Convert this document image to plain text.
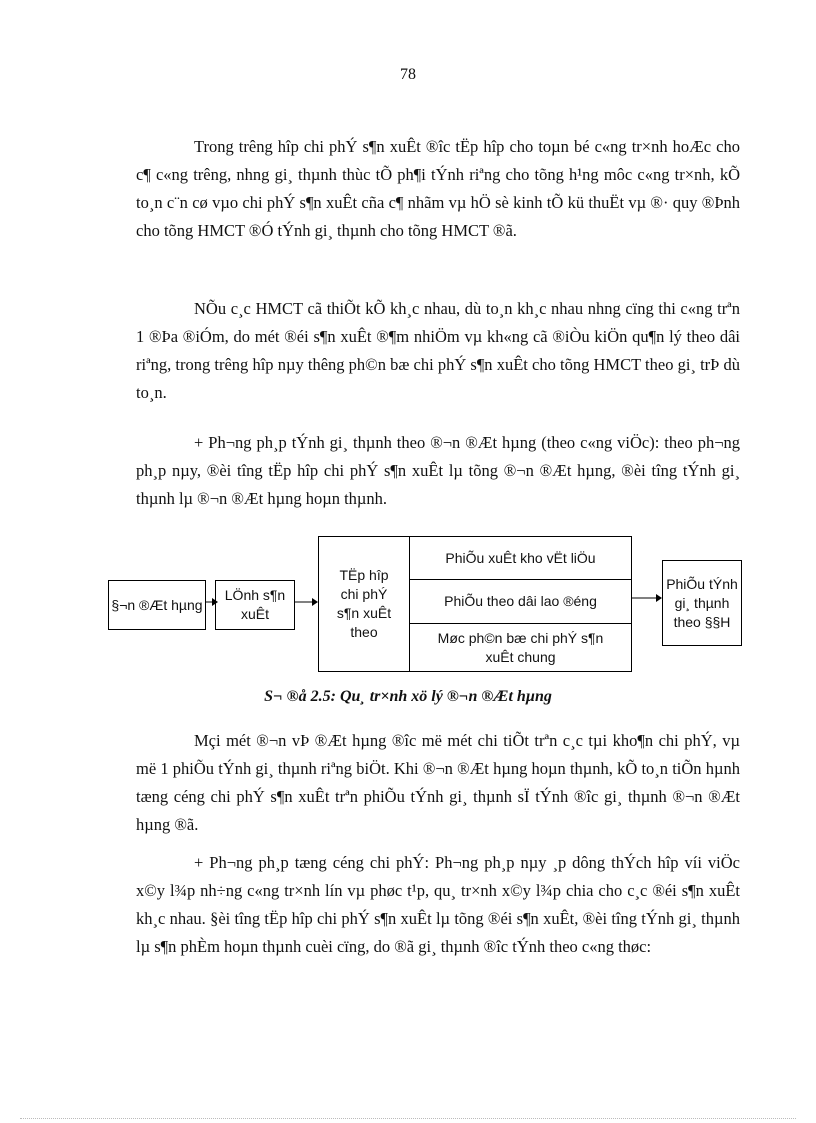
78

Trong trêng hîp chi phÝ s¶n xuÊt ®îc tËp hîp cho toµn bé c«ng tr×nh hoÆc cho c¶ c«ng trêng, nhng gi¸ thµnh thùc tÕ ph¶i tÝnh riªng cho tõng h¹ng môc c«ng tr×nh, kÕ to¸n c¨n cø vµo chi phÝ s¶n xuÊt cña c¶ nhãm vµ hÖ sè kinh tÕ kü thuËt vµ ®· quy ®Þnh cho tõng HMCT ®Ó tÝnh gi¸ thµnh cho tõng HMCT ®ã.

NÕu c¸c HMCT cã thiÕt kÕ kh¸c nhau, dù to¸n kh¸c nhau nhng cïng thi c«ng trªn 1 ®Þa ®iÓm, do mét ®éi s¶n xuÊt ®¶m nhiÖm vµ kh«ng cã ®iÒu kiÖn qu¶n lý theo dâi riªng, trong trêng hîp nµy thêng ph©n bæ chi phÝ s¶n xuÊt cho tõng HMCT theo gi¸ trÞ dù to¸n.

+ Ph¬ng ph¸p tÝnh gi¸ thµnh theo ®¬n ®Æt hµng (theo c«ng viÖc): theo ph¬ng ph¸p nµy, ®èi tîng tËp hîp chi phÝ s¶n xuÊt lµ tõng ®¬n ®Æt hµng, ®èi tîng tÝnh gi¸ thµnh lµ ®¬n ®Æt hµng hoµn thµnh.

§¬n ®Æt hµng
LÖnh s¶n xuÊt
TËp hîp chi phÝ s¶n xuÊt theo
PhiÕu xuÊt kho vËt liÖu
PhiÕu theo dâi lao ®éng
Møc ph©n bæ chi phÝ s¶n xuÊt chung
PhiÕu tÝnh gi¸ thµnh theo §§H
S¬ ®å 2.5: Qu¸ tr×nh xö lý ®¬n ®Æt hµng

Mçi mét ®¬n vÞ ®Æt hµng ®îc më mét chi tiÕt trªn c¸c tµi kho¶n chi phÝ, vµ më 1 phiÕu tÝnh gi¸ thµnh riªng biÖt. Khi ®¬n ®Æt hµng hoµn thµnh, kÕ to¸n tiÕn hµnh tæng céng chi phÝ s¶n xuÊt trªn phiÕu tÝnh gi¸ thµnh sÏ tÝnh ®îc gi¸ thµnh ®¬n ®Æt hµng ®ã.

+ Ph¬ng ph¸p tæng céng chi phÝ: Ph¬ng ph¸p nµy ¸p dông thÝch hîp víi viÖc x©y l¾p nh÷ng c«ng tr×nh lín vµ phøc t¹p, qu¸ tr×nh x©y l¾p chia cho c¸c ®éi s¶n xuÊt kh¸c nhau. §èi tîng tËp hîp chi phÝ s¶n xuÊt lµ tõng ®éi s¶n xuÊt, ®èi tîng tÝnh gi¸ thµnh lµ s¶n phÈm hoµn thµnh cuèi cïng, do ®ã gi¸ thµnh ®îc tÝnh theo c«ng thøc:
